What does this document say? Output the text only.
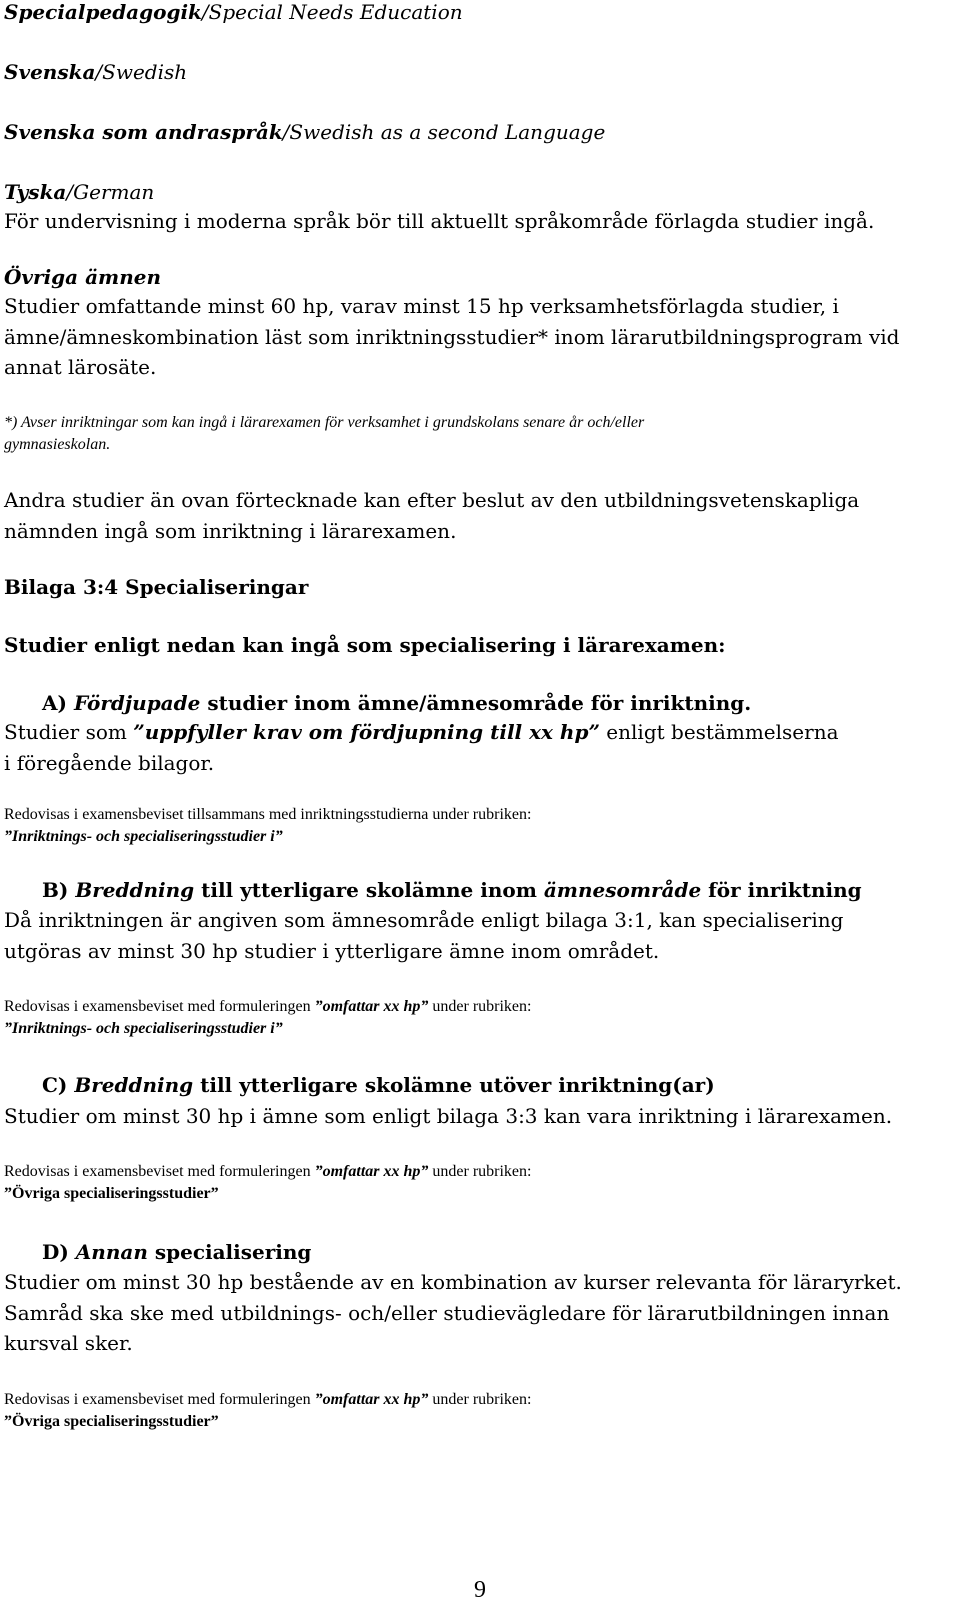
Specialpedagogik/Special Needs Education

Svenska/Swedish

Svenska som andraspråk/Swedish as a second Language

Tyska/German

För undervisning i moderna språk bör till aktuellt språkområde förlagda studier ingå.

Övriga ämnen

Studier omfattande minst 60 hp, varav minst 15 hp verksamhetsförlagda studier, i

ämne/ämneskombination läst som inriktningsstudier* inom lärarutbildningsprogram vid

annat lärosäte.

*) Avser inriktningar som kan ingå i lärarexamen för verksamhet i grundskolans senare år och/eller

gymnasieskolan.

Andra studier än ovan förtecknade kan efter beslut av den utbildningsvetenskapliga

nämnden ingå som inriktning i lärarexamen.

Bilaga 3:4 Specialiseringar

Studier enligt nedan kan ingå som specialisering i lärarexamen:

A) Fördjupade studier inom ämne/ämnesområde för inriktning.

Studier som ”uppfyller krav om fördjupning till xx hp” enligt bestämmelserna

i föregående bilagor.

Redovisas i examensbeviset tillsammans med inriktningsstudierna under rubriken:

”Inriktnings- och specialiseringsstudier i”

B) Breddning till ytterligare skolämne inom ämnesområde för inriktning

Då inriktningen är angiven som ämnesområde enligt bilaga 3:1, kan specialisering

utgöras av minst 30 hp studier i ytterligare ämne inom området.

Redovisas i examensbeviset med formuleringen ”omfattar xx hp” under rubriken:

”Inriktnings- och specialiseringsstudier i”

C) Breddning till ytterligare skolämne utöver inriktning(ar)

Studier om minst 30 hp i ämne som enligt bilaga 3:3 kan vara inriktning i lärarexamen.

Redovisas i examensbeviset med formuleringen ”omfattar xx hp” under rubriken:

”Övriga specialiseringsstudier”

D) Annan specialisering

Studier om minst 30 hp bestående av en kombination av kurser relevanta för läraryrket.

Samråd ska ske med utbildnings- och/eller studievägledare för lärarutbildningen innan

kursval sker.

Redovisas i examensbeviset med formuleringen ”omfattar xx hp” under rubriken:

”Övriga specialiseringsstudier”

9
